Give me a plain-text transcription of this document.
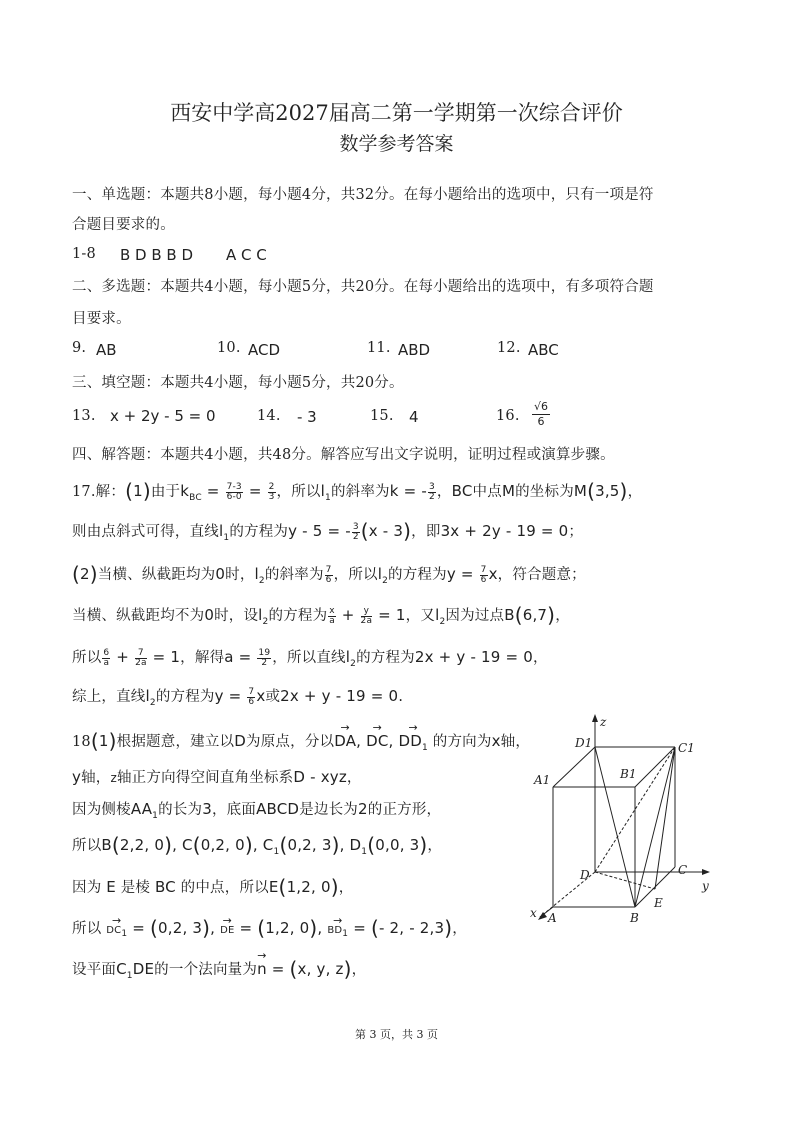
西安中学高2027届高二第一学期第一次综合评价
数学参考答案
一、单选题：本题共8小题，每小题4分，共32分。在每小题给出的选项中，只有一项是符
合题目要求的。
1-8 B D B B D A C C
二、多选题：本题共4小题，每小题5分，共20分。在每小题给出的选项中，有多项符合题
目要求。
9. AB	10. ACD	11. ABD	12. ABC
三、填空题：本题共4小题，每小题5分，共20分。
13. x + 2y - 5 = 0	14. - 3	15. 4	16. $\frac{√6}{6}$
四、解答题：本题共4小题，共48分。解答应写出文字说明，证明过程或演算步骤。
17.解：(1)由于$k_{BC} = \frac{7-3}{6-0} = \frac{2}{3}$ ，所以$l_1$的斜率为k = - $\frac{3}{2}$ ，BC中点M的坐标为M(3,5)，
则由点斜式可得，直线$l_1$的方程为y - 5 = - $\frac{3}{2} (x - 3)$，即3x + 2y - 19 = 0；
(2)当横、纵截距均为0时，$l_2$的斜率为 $\frac{7}{6}$ ，所以$l_2$的方程为$y = \frac{7}{6}$ x，符合题意；
当横、纵截距均不为0时，设$l_2$的方程为 $\frac{x}{a} + \frac{y}{2a} = 1$，又$l_2$因为过点B(6,7)，
所以 $\frac{6}{a} + \frac{7}{2a} = 1$，解得$a = \frac{19}{2}$ ，所以直线$l_2$的方程为2x + y - 19 = 0，
综上，直线$l_2$的方程为$y = \frac{7}{6}$ x或2x + y - 19 = 0.
18(1)根据题意，建立以D为原点，分以→ DA, → DC, → $DD_1$ 的方向为x轴，
y轴，z轴正方向得空间直角坐标系D - xyz，
因为侧棱$AA_1$的长为3，底面ABCD是边长为2的正方形，
所以B(2,2, 0), C(0,2, 0), $C_1(0,2$, 3), $D_1(0,0$, 3)，
因为 E 是棱 BC 的中点，所以E(1,2, 0)，
所以 → $DC_1 = (0,2$, 3), → DE = (1,2, 0), → $BD_1$ = (- 2, - 2,3)，
设平面$C_1DE$的一个法向量为→ n = (x, y, z)，
z
D1	C1
A1	B1
D	C
y
x A	B
E
第 3 页，共 3 页
